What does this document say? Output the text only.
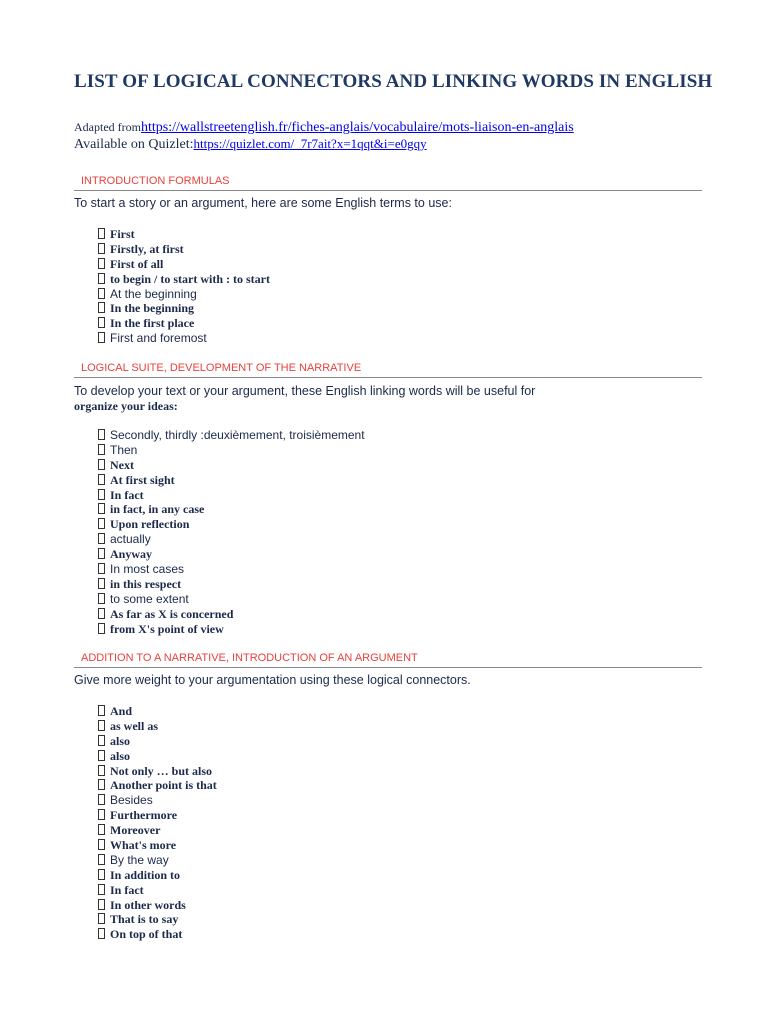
LIST OF LOGICAL CONNECTORS AND LINKING WORDS IN ENGLISH
Adapted fromhttps://wallstreetenglish.fr/fiches-anglais/vocabulaire/mots-liaison-en-anglais
Available on Quizlet:https://quizlet.com/_7r7ait?x=1qqt&i=e0gqy
INTRODUCTION FORMULAS
To start a story or an argument, here are some English terms to use:
First
Firstly, at first
First of all
to begin / to start with : to start
At the beginning
In the beginning
In the first place
First and foremost
LOGICAL SUITE, DEVELOPMENT OF THE NARRATIVE
To develop your text or your argument, these English linking words will be useful for
organize your ideas:
Secondly, thirdly :deuxièmement, troisièmement
Then
Next
At first sight
In fact
in fact, in any case
Upon reflection
actually
Anyway
In most cases
in this respect
to some extent
As far as X is concerned
from X's point of view
ADDITION TO A NARRATIVE, INTRODUCTION OF AN ARGUMENT
Give more weight to your argumentation using these logical connectors.
And
as well as
also
also
Not only … but also
Another point is that
Besides
Furthermore
Moreover
What's more
By the way
In addition to
In fact
In other words
That is to say
On top of that
